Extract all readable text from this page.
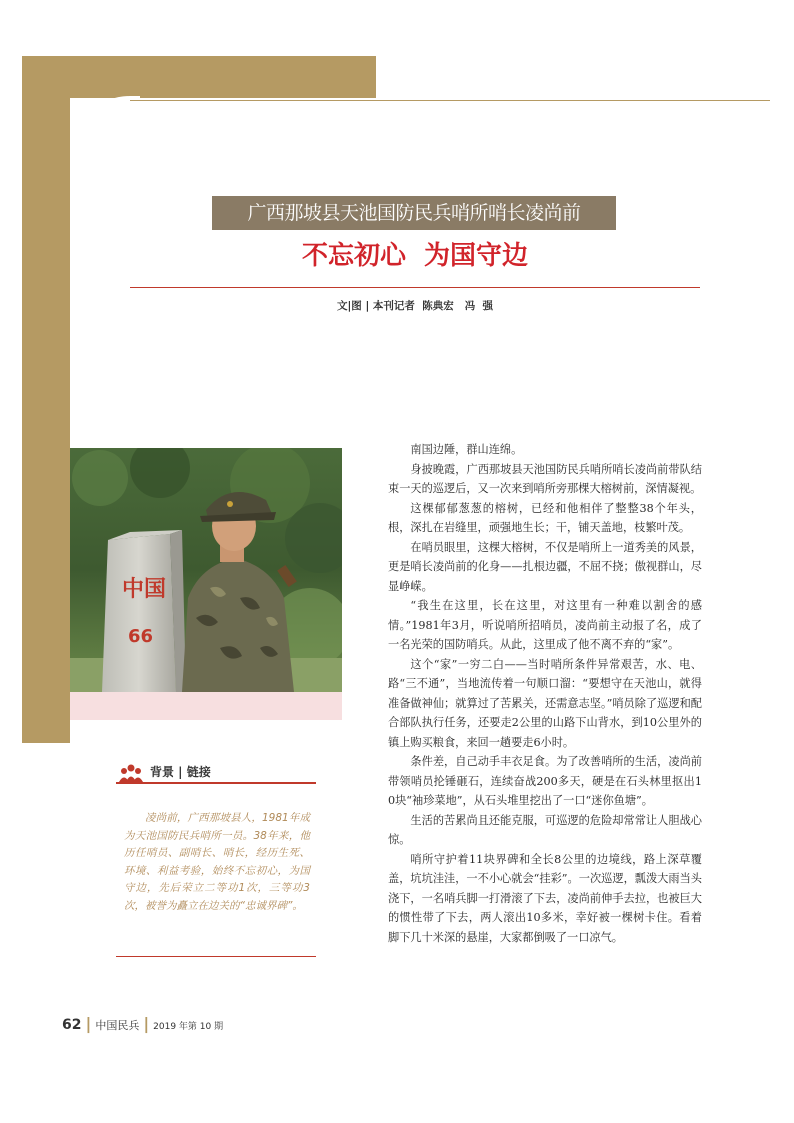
广西那坡县天池国防民兵哨所哨长凌尚前
不忘初心  为国守边
文|图 | 本刊记者  陈典宏   冯  强
中国
66
背景 | 链接
凌尚前，广西那坡县人，1981年成为天池国防民兵哨所一员。38年来，他历任哨员、副哨长、哨长，经历生死、环境、利益考验，始终不忘初心，为国守边，先后荣立二等功1次，三等功3次，被誉为矗立在边关的“忠诚界碑”。

南国边陲，群山连绵。

身披晚霞，广西那坡县天池国防民兵哨所哨长凌尚前带队结束一天的巡逻后，又一次来到哨所旁那棵大榕树前，深情凝视。

这棵郁郁葱葱的榕树，已经和他相伴了整整38个年头，根，深扎在岩缝里，顽强地生长；干，铺天盖地，枝繁叶茂。

在哨员眼里，这棵大榕树，不仅是哨所上一道秀美的风景，更是哨长凌尚前的化身——扎根边疆，不屈不挠；傲视群山，尽显峥嵘。

“我生在这里，长在这里，对这里有一种难以割舍的感情。”1981年3月，听说哨所招哨员，凌尚前主动报了名，成了一名光荣的国防哨兵。从此，这里成了他不离不弃的“家”。

这个“家”一穷二白——当时哨所条件异常艰苦，水、电、路“三不通”，当地流传着一句顺口溜：“要想守在天池山，就得准备做神仙；就算过了苦累关，还需意志坚。”哨员除了巡逻和配合部队执行任务，还要走2公里的山路下山背水，到10公里外的镇上购买粮食，来回一趟要走6小时。

条件差，自己动手丰衣足食。为了改善哨所的生活，凌尚前带领哨员抡锤砸石，连续奋战200多天，硬是在石头林里抠出10块“袖珍菜地”，从石头堆里挖出了一口“迷你鱼塘”。

生活的苦累尚且还能克服，可巡逻的危险却常常让人胆战心惊。

哨所守护着11块界碑和全长8公里的边境线，路上深草覆盖，坑坑洼洼，一不小心就会“挂彩”。一次巡逻，瓢泼大雨当头浇下，一名哨兵脚一打滑滚了下去，凌尚前伸手去拉，也被巨大的惯性带了下去，两人滚出10多米，幸好被一棵树卡住。看着脚下几十米深的悬崖，大家都倒吸了一口凉气。

62 | 中国民兵 | 2019 年第 10 期
